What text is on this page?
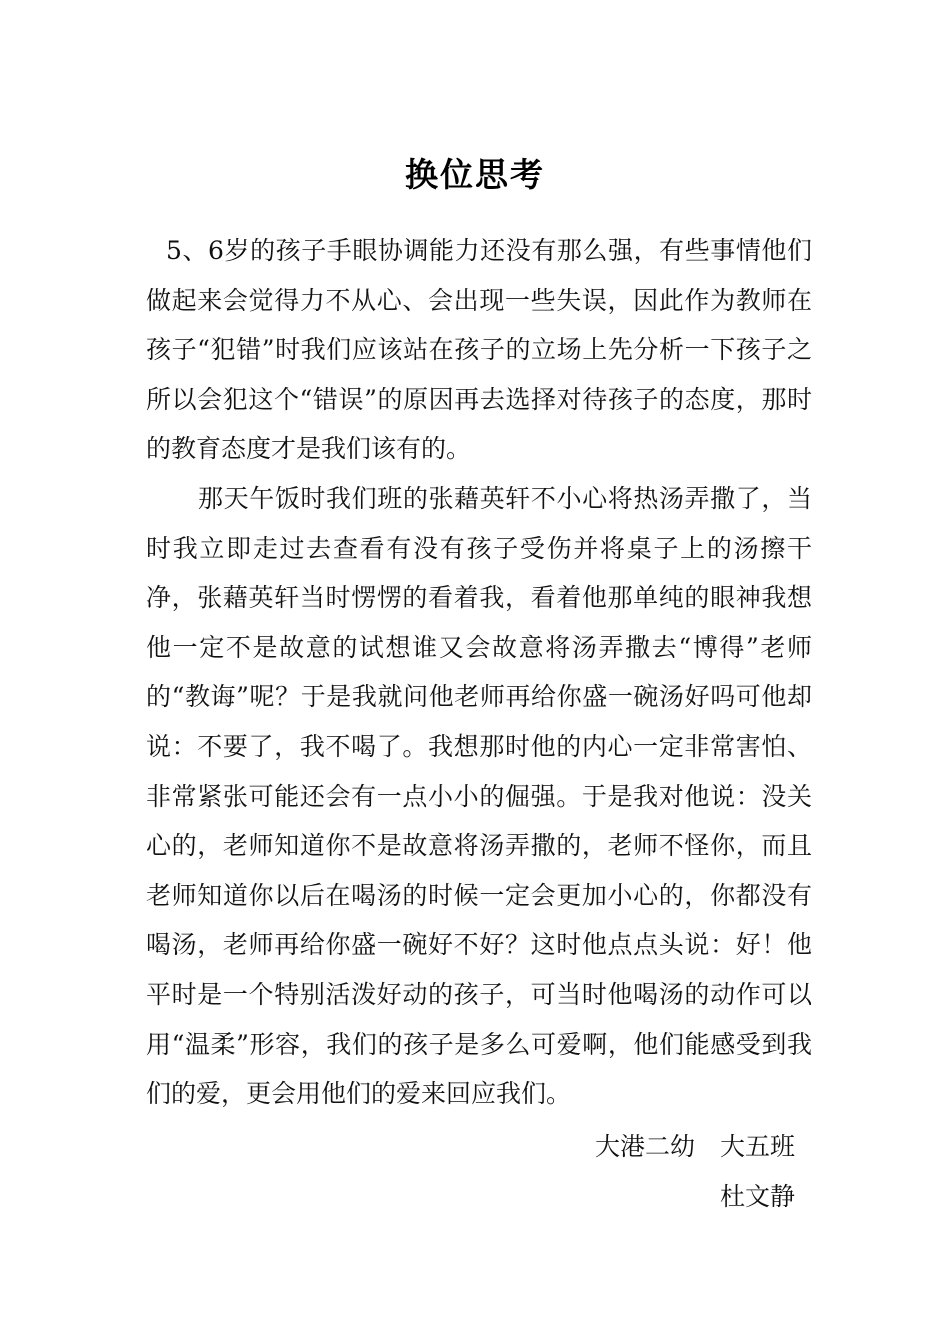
换位思考

5、6岁的孩子手眼协调能力还没有那么强，有些事情他们做起来会觉得力不从心、会出现一些失误，因此作为教师在孩子“犯错”时我们应该站在孩子的立场上先分析一下孩子之所以会犯这个“错误”的原因再去选择对待孩子的态度，那时的教育态度才是我们该有的。

那天午饭时我们班的张藉英轩不小心将热汤弄撒了，当时我立即走过去查看有没有孩子受伤并将桌子上的汤擦干净，张藉英轩当时愣愣的看着我，看着他那单纯的眼神我想他一定不是故意的试想谁又会故意将汤弄撒去“博得”老师的“教诲”呢？于是我就问他老师再给你盛一碗汤好吗可他却说：不要了，我不喝了。我想那时他的内心一定非常害怕、非常紧张可能还会有一点小小的倔强。于是我对他说：没关心的，老师知道你不是故意将汤弄撒的，老师不怪你，而且老师知道你以后在喝汤的时候一定会更加小心的，你都没有喝汤，老师再给你盛一碗好不好？这时他点点头说：好！他平时是一个特别活泼好动的孩子，可当时他喝汤的动作可以用“温柔”形容，我们的孩子是多么可爱啊，他们能感受到我们的爱，更会用他们的爱来回应我们。

大港二幼　大五班
杜文静
